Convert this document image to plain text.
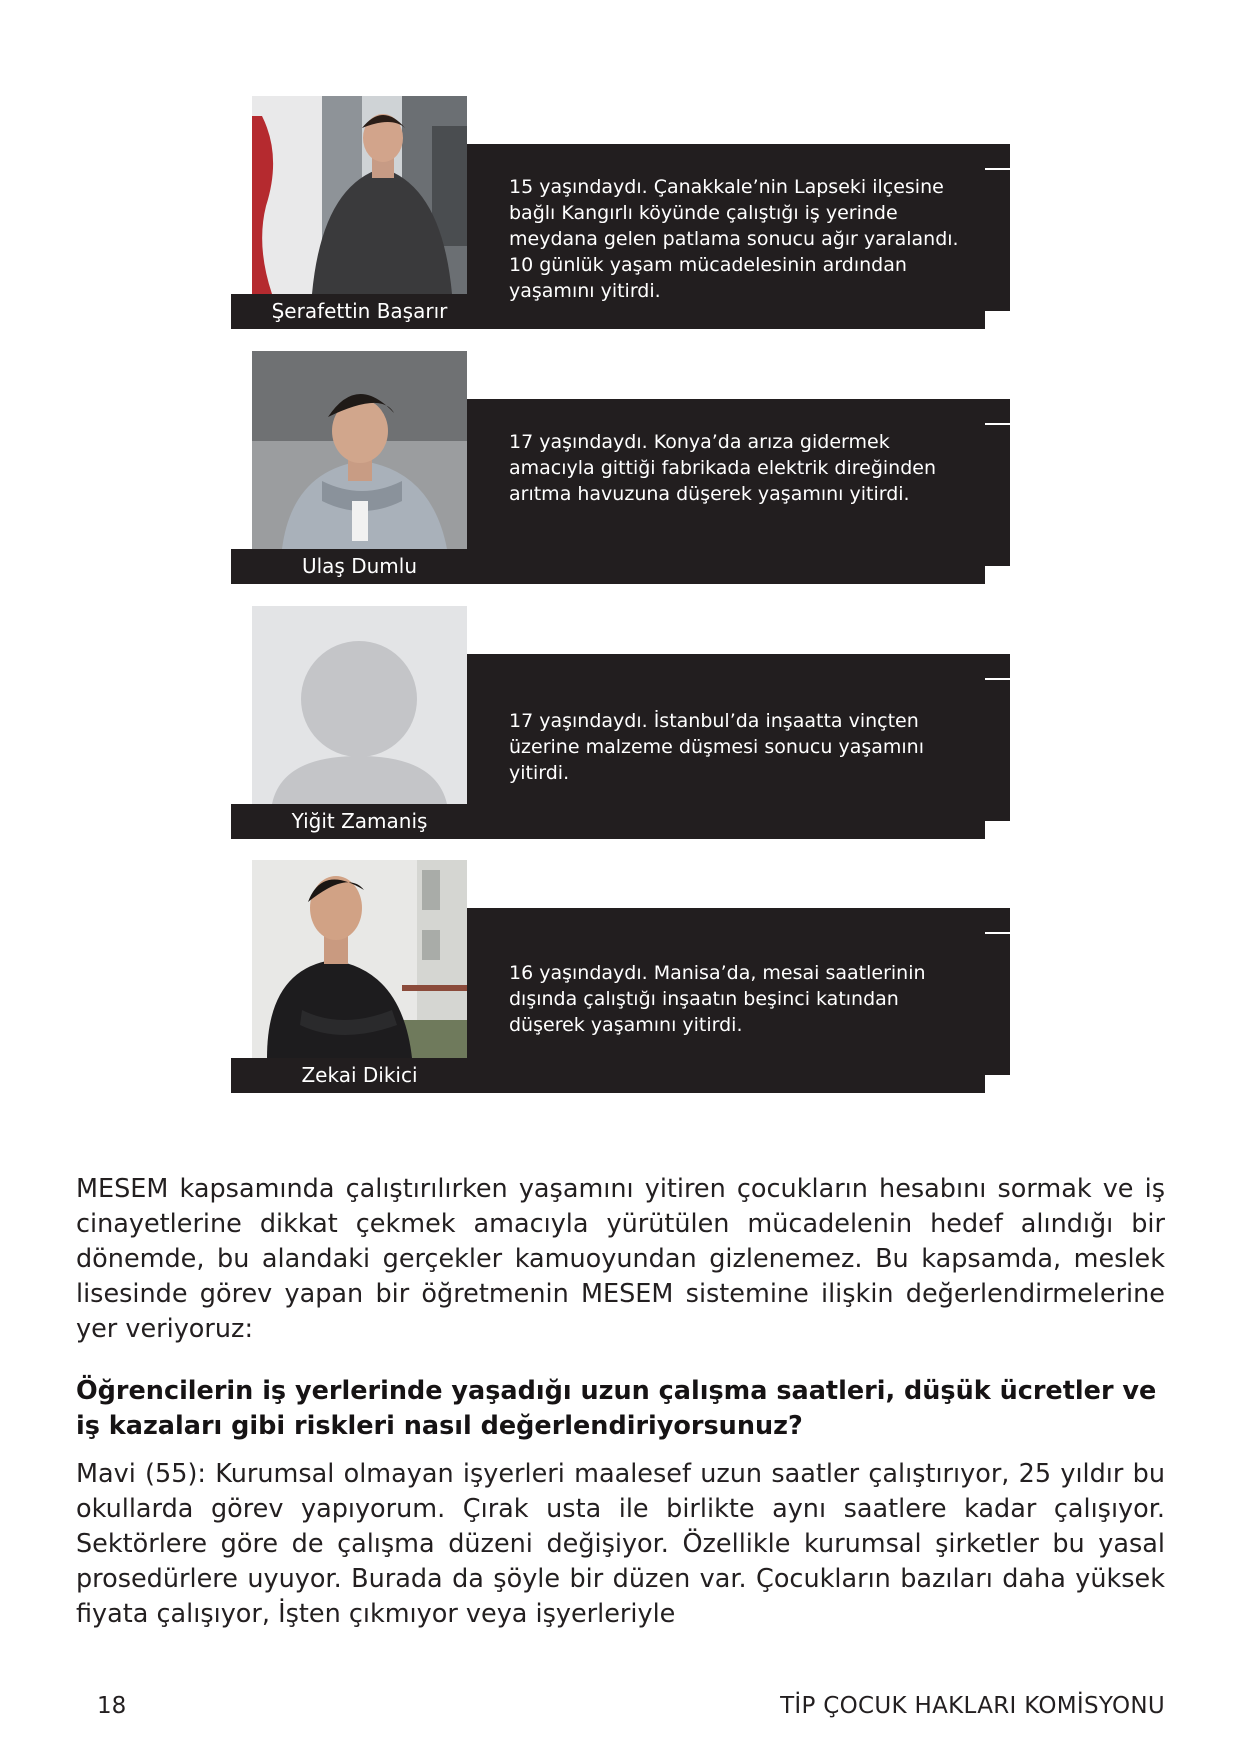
Şerafettin Başarır
15 yaşındaydı. Çanakkale’nin Lapseki ilçesine bağlı Kangırlı köyünde çalıştığı iş yerinde meydana gelen patlama sonucu ağır yaralandı. 10 günlük yaşam mücadelesinin ardından yaşamını yitirdi.
Ulaş Dumlu
17 yaşındaydı. Konya’da arıza gidermek amacıyla gittiği fabrikada elektrik direğinden arıtma havuzuna düşerek yaşamını yitirdi.
Yiğit Zamaniş
17 yaşındaydı. İstanbul’da inşaatta vinçten üzerine malzeme düşmesi sonucu yaşamını yitirdi.
Zekai Dikici
16 yaşındaydı. Manisa’da, mesai saatlerinin dışında çalıştığı inşaatın beşinci katından düşerek yaşamını yitirdi.

MESEM kapsamında çalıştırılırken yaşamını yitiren çocukların hesabını sormak ve iş cinayetlerine dikkat çekmek amacıyla yürütülen mücadelenin hedef alındığı bir dönemde, bu alandaki gerçekler kamuoyundan gizlenemez. Bu kapsamda, meslek lisesinde görev yapan bir öğretmenin MESEM sistemine ilişkin değerlendirmelerine yer veriyoruz:

Öğrencilerin iş yerlerinde yaşadığı uzun çalışma saatleri, düşük ücretler ve iş kazaları gibi riskleri nasıl değerlendiriyorsunuz?

Mavi (55): Kurumsal olmayan işyerleri maalesef uzun saatler çalıştırıyor, 25 yıldır bu okullarda görev yapıyorum. Çırak usta ile birlikte aynı saatlere kadar çalışıyor. Sektörlere göre de çalışma düzeni değişiyor. Özellikle kurumsal şirketler bu yasal prosedürlere uyuyor. Burada da şöyle bir düzen var. Çocukların bazıları daha yüksek fiyata çalışıyor, İşten çıkmıyor veya işyerleriyle

18	TİP ÇOCUK HAKLARI KOMİSYONU
